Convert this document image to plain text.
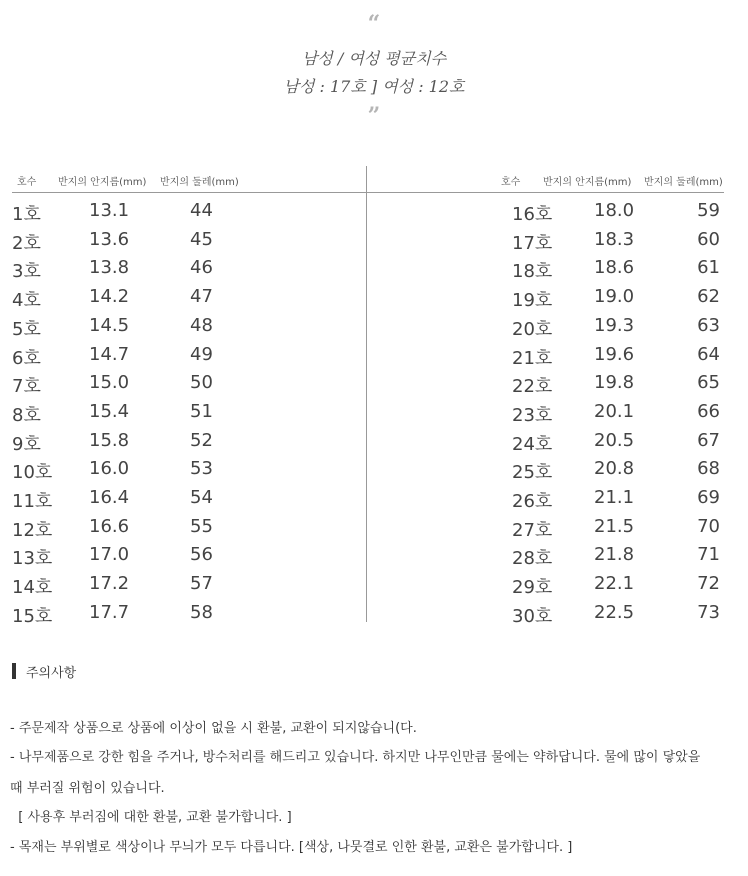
“
남성 / 여성 평균치수
남성 : 17호 ] 여성 : 12호
”
호수 반지의 안지름(mm) 반지의 둘레(mm)	호수 반지의 안지름(mm) 반지의 둘레(mm)
1호	13.1	44
2호	13.6	45
3호	13.8	46
4호	14.2	47
5호	14.5	48
6호	14.7	49
7호	15.0	50
8호	15.4	51
9호	15.8	52
10호 16.0	53
11호 16.4	54
12호 16.6	55
13호 17.0	56
14호 17.2	57
15호 17.7	58
16호 18.0	59
17호 18.3	60
18호 18.6	61
19호 19.0	62
20호 19.3	63
21호 19.6	64
22호 19.8	65
23호 20.1	66
24호 20.5	67
25호 20.8	68
26호 21.1	69
27호 21.5	70
28호 21.8	71
29호 22.1	72
30호 22.5	73
주의사항
- 주문제작 상품으로 상품에 이상이 없을 시 환불, 교환이 되지않습니(다.
- 나무제품으로 강한 힘을 주거나, 방수처리를 해드리고 있습니다. 하지만 나무인만큼 물에는 약하답니다. 물에 많이 닿았을
때 부러질 위험이 있습니다.
[ 사용후 부러짐에 대한 환불, 교환 불가합니다. ]
- 목재는 부위별로 색상이나 무늬가 모두 다릅니다. [색상, 나뭇결로 인한 환불, 교환은 불가합니다. ]
